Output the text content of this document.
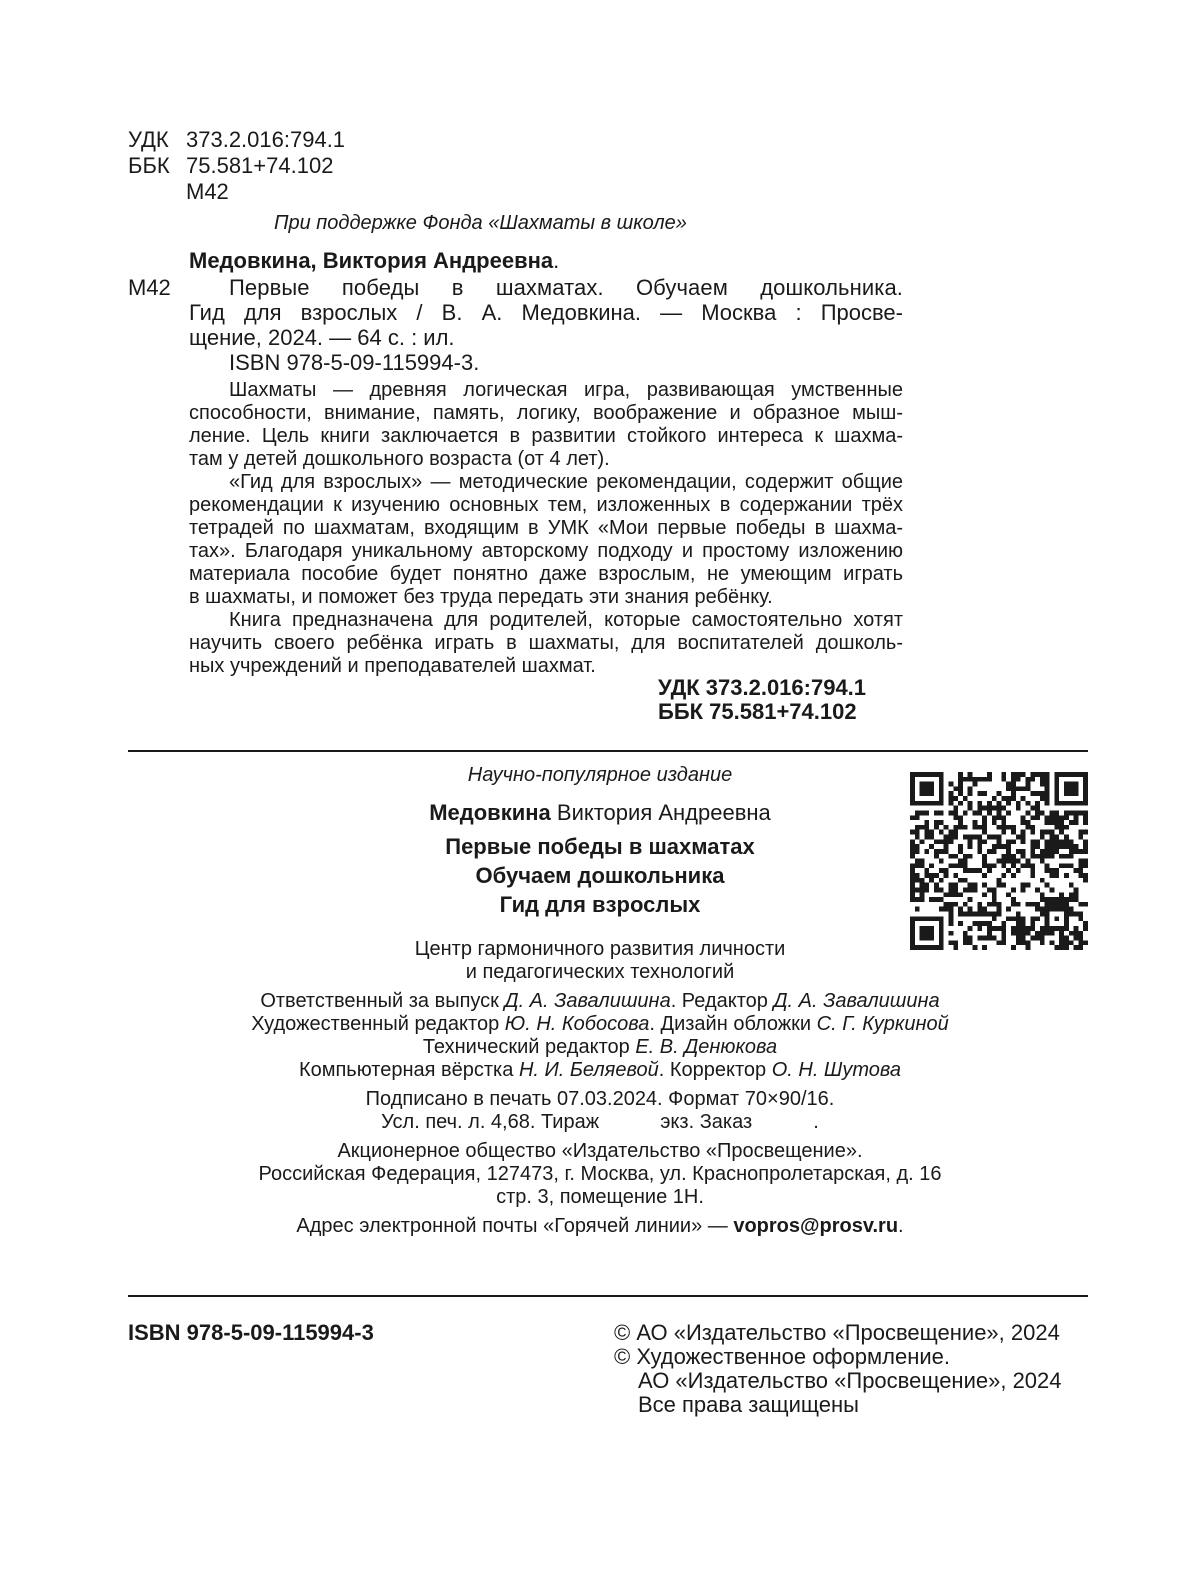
УДК 373.2.016:794.1
ББК 75.581+74.102
М42
При поддержке Фонда «Шахматы в школе»
Медовкина, Виктория Андреевна.
М42	Первые победы в шахматах. Обучаем дошкольника.
Гид для взрослых / В. А. Медовкина. — Москва : Просве-
щение, 2024. — 64 с. : ил.
ISBN 978-5-09-115994-3.
Шахматы — древняя логическая игра, развивающая умственные
способности, внимание, память, логику, воображение и образное мыш-
ление. Цель книги заключается в развитии стойкого интереса к шахма-
там у детей дошкольного возраста (от 4 лет).
«Гид для взрослых» — методические рекомендации, содержит общие
рекомендации к изучению основных тем, изложенных в содержании трёх
тетрадей по шахматам, входящим в УМК «Мои первые победы в шахма-
тах». Благодаря уникальному авторскому подходу и простому изложению
материала пособие будет понятно даже взрослым, не умеющим играть
в шахматы, и поможет без труда передать эти знания ребёнку.
Книга предназначена для родителей, которые самостоятельно хотят
научить своего ребёнка играть в шахматы, для воспитателей дошколь-
ных учреждений и преподавателей шахмат.
УДК 373.2.016:794.1
ББК 75.581+74.102
Научно-популярное издание
Медовкина Виктория Андреевна
Первые победы в шахматах
Обучаем дошкольника
Гид для взрослых
Центр гармоничного развития личности
и педагогических технологий
Ответственный за выпуск Д. А. Завалишина. Редактор Д. А. Завалишина
Художественный редактор Ю. Н. Кобосова. Дизайн обложки С. Г. Куркиной
Технический редактор Е. В. Денюкова
Компьютерная вёрстка Н. И. Беляевой. Корректор О. Н. Шутова
Подписано в печать 07.03.2024. Формат 70×90/16.
Усл. печ. л. 4,68. Тираж           экз. Заказ           .
Акционерное общество «Издательство «Просвещение».
Российская Федерация, 127473, г. Москва, ул. Краснопролетарская, д. 16
стр. 3, помещение 1Н.
Адрес электронной почты «Горячей линии» — vopros@prosv.ru.
ISBN 978-5-09-115994-3	© АО «Издательство «Просвещение», 2024
© Художественное оформление.
АО «Издательство «Просвещение», 2024
Все права защищены
